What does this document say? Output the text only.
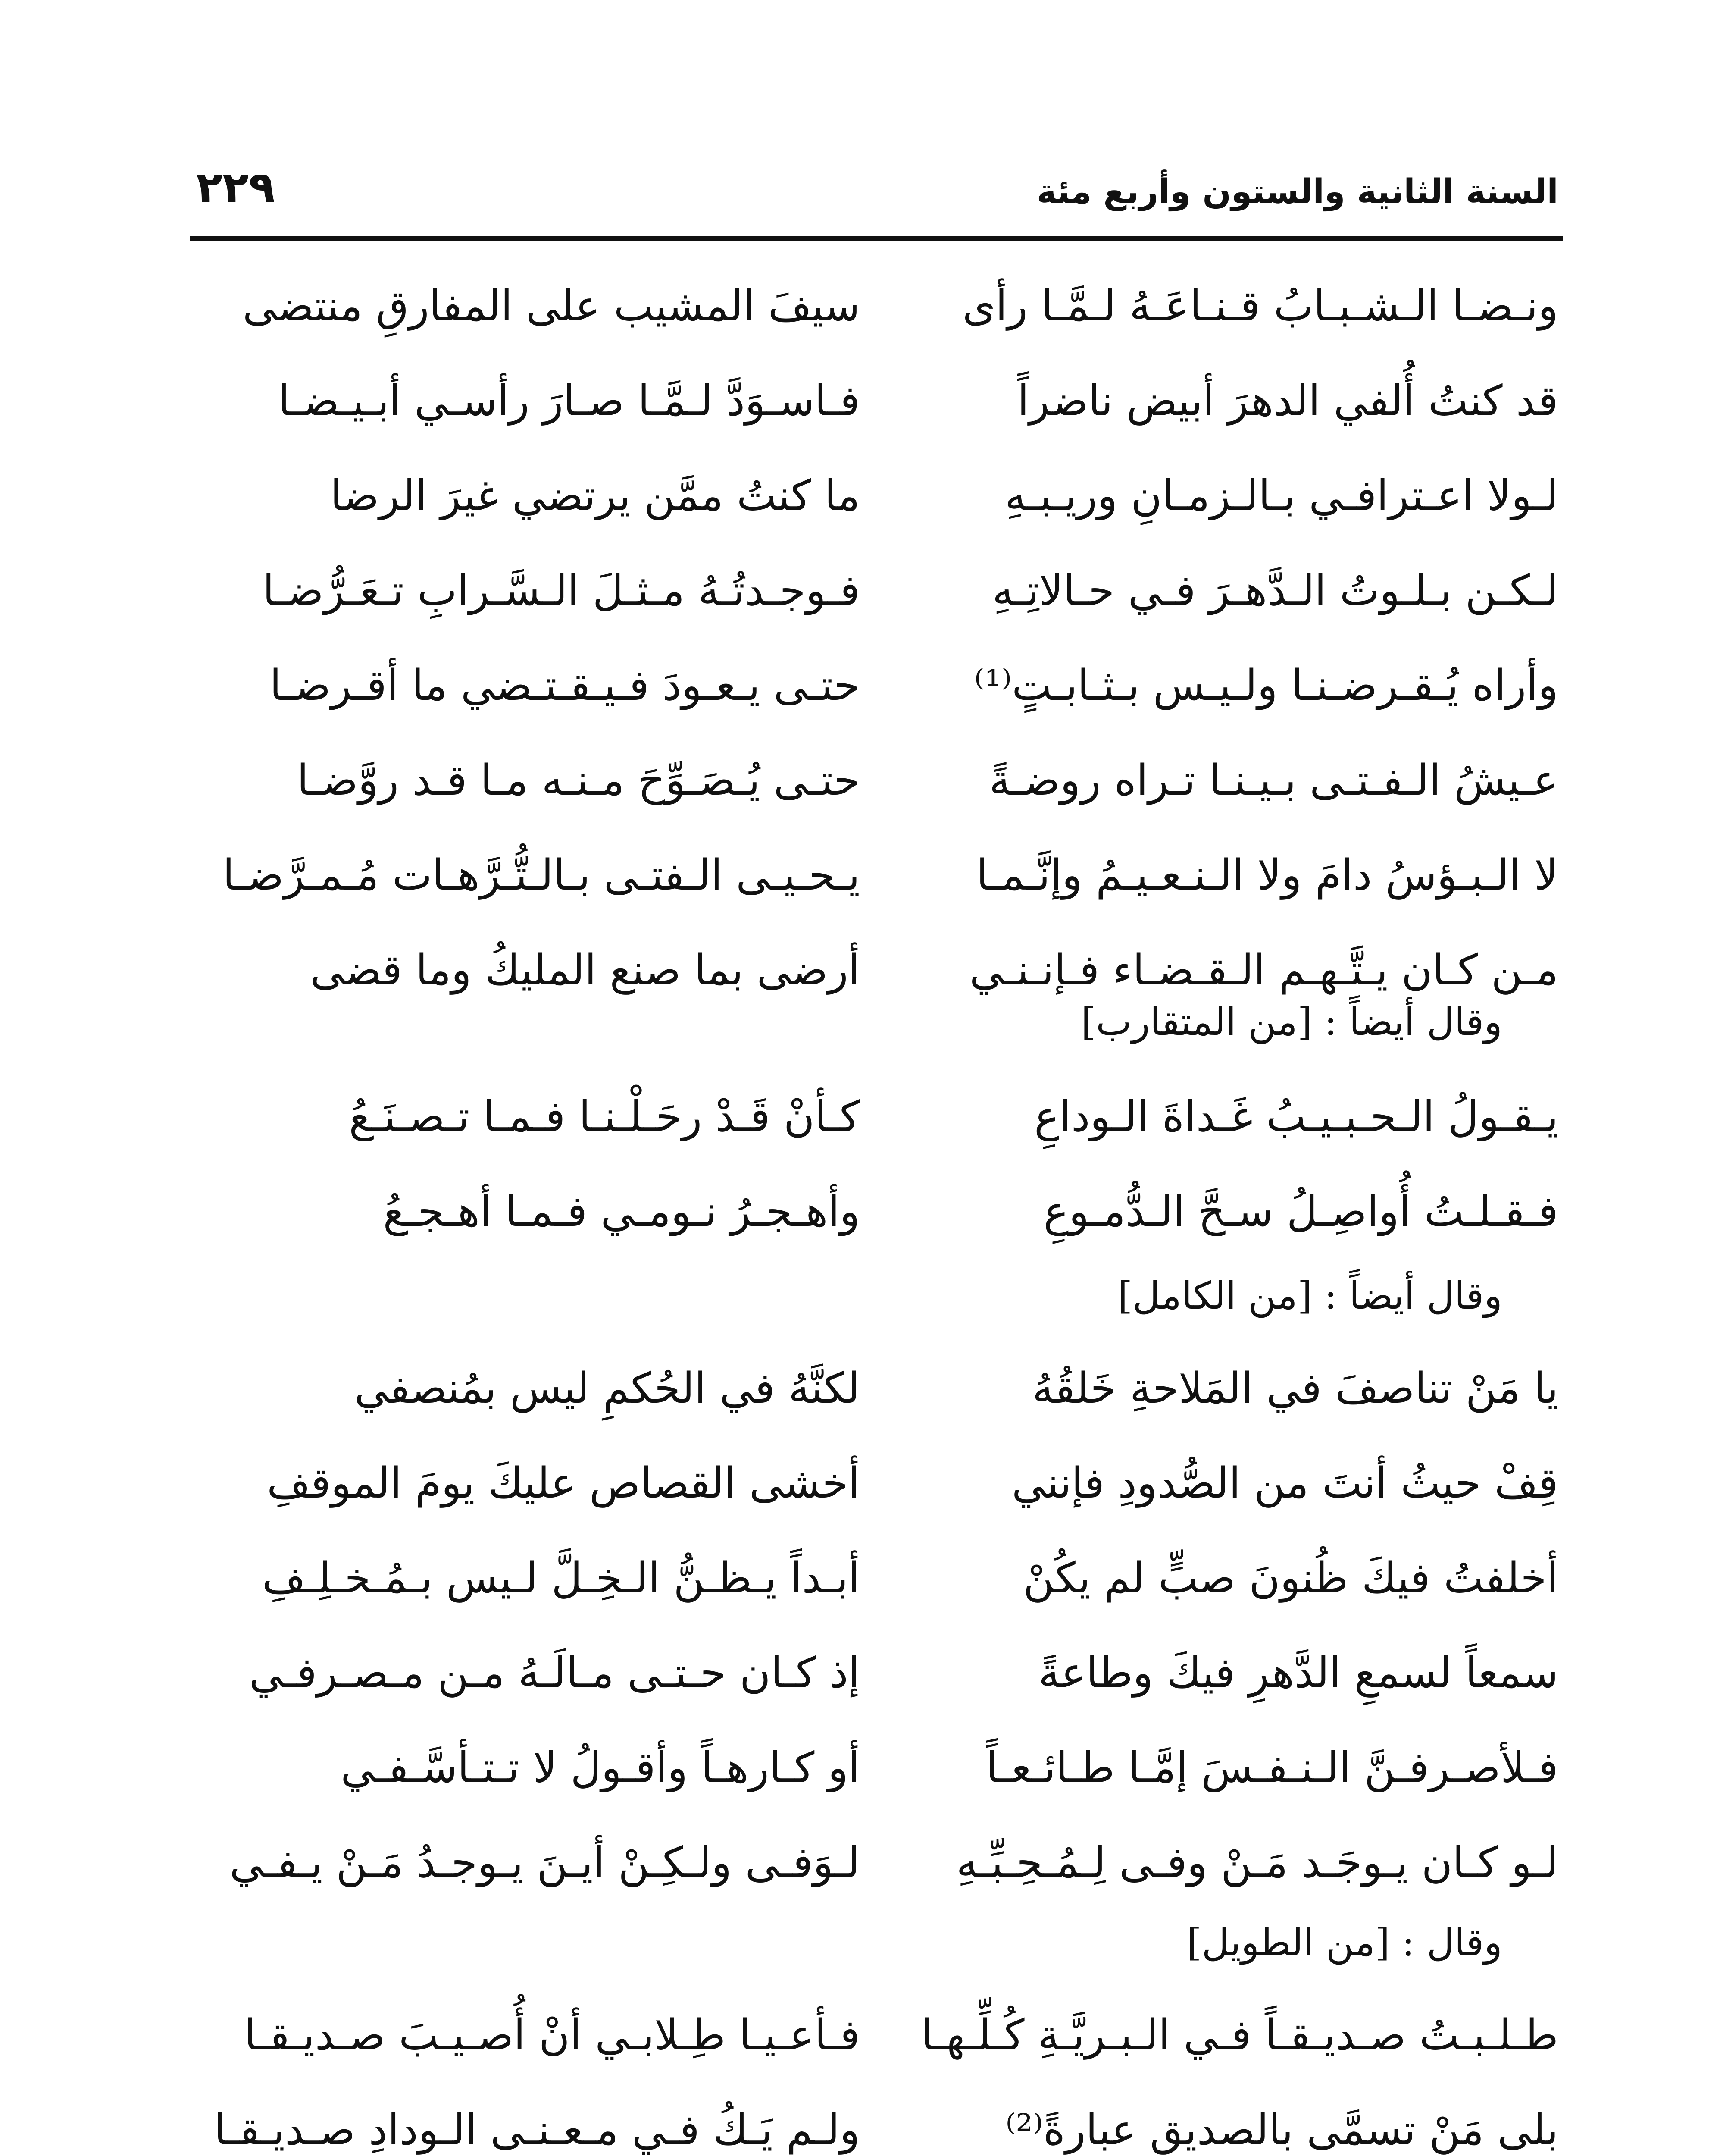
السنة الثانية والستون وأربع مئة
٢٢٩
ونـضـا الـشـبـابُ قـنـاعَـهُ لـمَّـا رأى
سيفَ المشيب على المفارقِ منتضى
قد كنتُ أُلفي الدهرَ أبيض ناضراً
فـاسـوَدَّ لـمَّـا صـارَ رأسـي أبـيـضـا
لـولا اعـترافـي بـالـزمـانِ وريـبـهِ
ما كنتُ ممَّن يرتضي غيرَ الرضا
لـكـن بـلـوتُ الـدَّهـرَ فـي حـالاتِـهِ
فـوجـدتُـهُ مـثـلَ الـسَّـرابِ تـعَـرُّضـا
وأراه يُـقـرضـنـا ولـيـس بـثـابـتٍ⁽¹⁾
حتـى يـعـودَ فـيـقـتـضي ما أقـرضـا
عـيشُ الـفـتـى بـيـنـا تـراه روضـةً
حتـى يُـصَـوِّحَ مـنـه مـا قـد روَّضـا
لا الـبـؤسُ دامَ ولا الـنـعـيـمُ وإنَّـمـا
يـحـيـى الـفتـى بـالـتُّـرَّهـات مُـمـرَّضـا
مـن كـان يـتَّـهـم الـقـضـاء فـإنـنـي
أرضى بما صنع المليكُ وما قضى
وقال أيضاً : [من المتقارب]
يـقـولُ الـحـبـيـبُ غَـداةَ الـوداعِ
كـأنْ قَـدْ رحَـلْـنـا فـمـا تـصـنَـعُ
فـقـلـتُ أُواصِـلُ سـحَّ الـدُّمـوعِ
وأهـجـرُ نـومـي فـمـا أهـجـعُ
وقال أيضاً : [من الكامل]
يا مَنْ تناصفَ في المَلاحةِ خَلقُهُ
لكنَّهُ في الحُكمِ ليس بمُنصفي
قِفْ حيثُ أنتَ من الصُّدودِ فإنني
أخشى القصاص عليكَ يومَ الموقفِ
أخلفتُ فيكَ ظُنونَ صبٍّ لم يكُنْ
أبـداً يـظـنُّ الـخِـلَّ لـيس بـمُـخـلِـفِ
سمعاً لسمعِ الدَّهرِ فيكَ وطاعةً
إذ كـان حـتـى مـالَـهُ مـن مـصـرفـي
فـلأصـرفـنَّ الـنـفـسَ إمَّـا طـائـعـاً
أو كـارهـاً وأقـولُ لا تـتـأسَّـفـي
لـو كـان يـوجَـد مَـنْ وفـى لِـمُـحِـبِّـهِ
لـوَفـى ولـكِـنْ أيـنَ يـوجـدُ مَـنْ يـفـي
وقال : [من الطويل]
طـلـبـتُ صـديـقـاً فـي الـبـريَّـةِ كُـلِّـهـا
فـأعـيـا طِـلابـي أنْ أُصـيـبَ صـديـقـا
بلى مَنْ تسمَّى بالصديقِ عبارةً⁽²⁾
ولـم يَـكُ فـي مـعـنـى الـودادِ صـديـقـا
